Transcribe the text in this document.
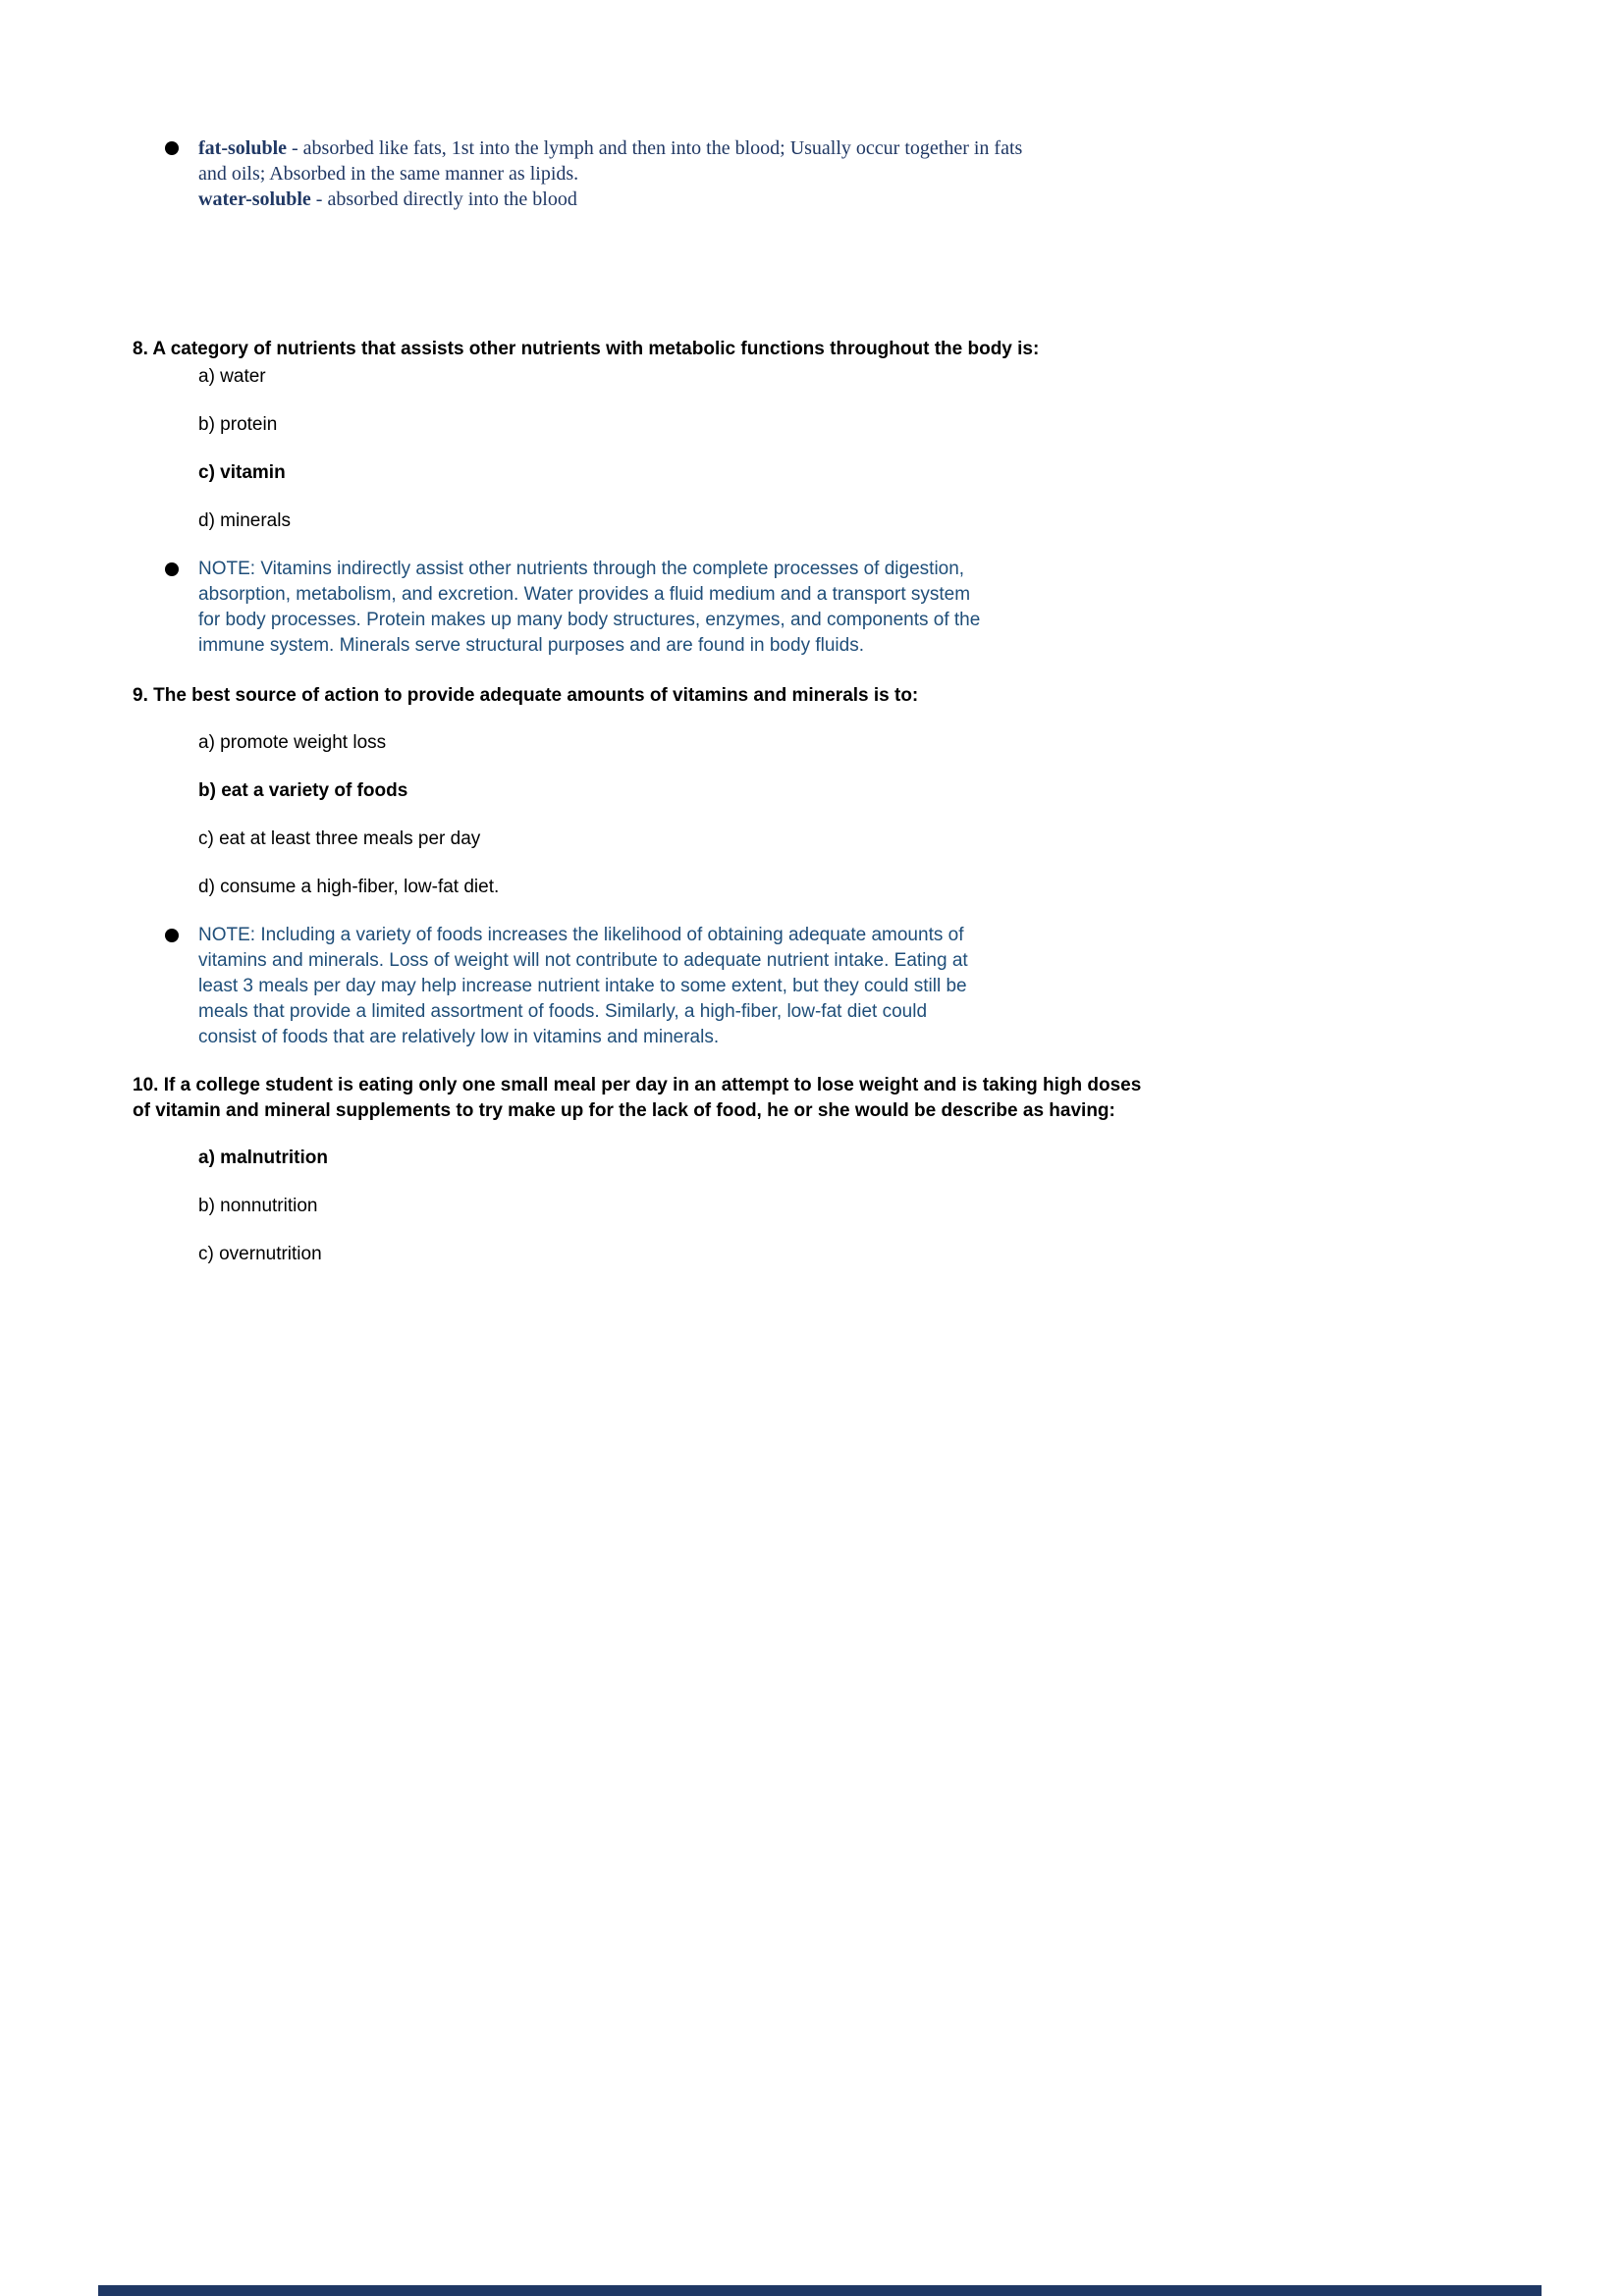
fat-soluble - absorbed like fats, 1st into the lymph and then into the blood; Usually occur together in fats and oils; Absorbed in the same manner as lipids.

water-soluble - absorbed directly into the blood

8. A category of nutrients that assists other nutrients with metabolic functions throughout the body is:

a) water

b) protein

c) vitamin

d) minerals

NOTE: Vitamins indirectly assist other nutrients through the complete processes of digestion, absorption, metabolism, and excretion. Water provides a fluid medium and a transport system for body processes. Protein makes up many body structures, enzymes, and components of the immune system. Minerals serve structural purposes and are found in body fluids.

9. The best source of action to provide adequate amounts of vitamins and minerals is to:

a) promote weight loss

b) eat a variety of foods

c) eat at least three meals per day

d) consume a high-fiber, low-fat diet.

NOTE: Including a variety of foods increases the likelihood of obtaining adequate amounts of vitamins and minerals. Loss of weight will not contribute to adequate nutrient intake. Eating at least 3 meals per day may help increase nutrient intake to some extent, but they could still be meals that provide a limited assortment of foods. Similarly, a high-fiber, low-fat diet could consist of foods that are relatively low in vitamins and minerals.

10. If a college student is eating only one small meal per day in an attempt to lose weight and is taking high doses of vitamin and mineral supplements to try make up for the lack of food, he or she would be describe as having:

a) malnutrition

b) nonnutrition

c) overnutrition
